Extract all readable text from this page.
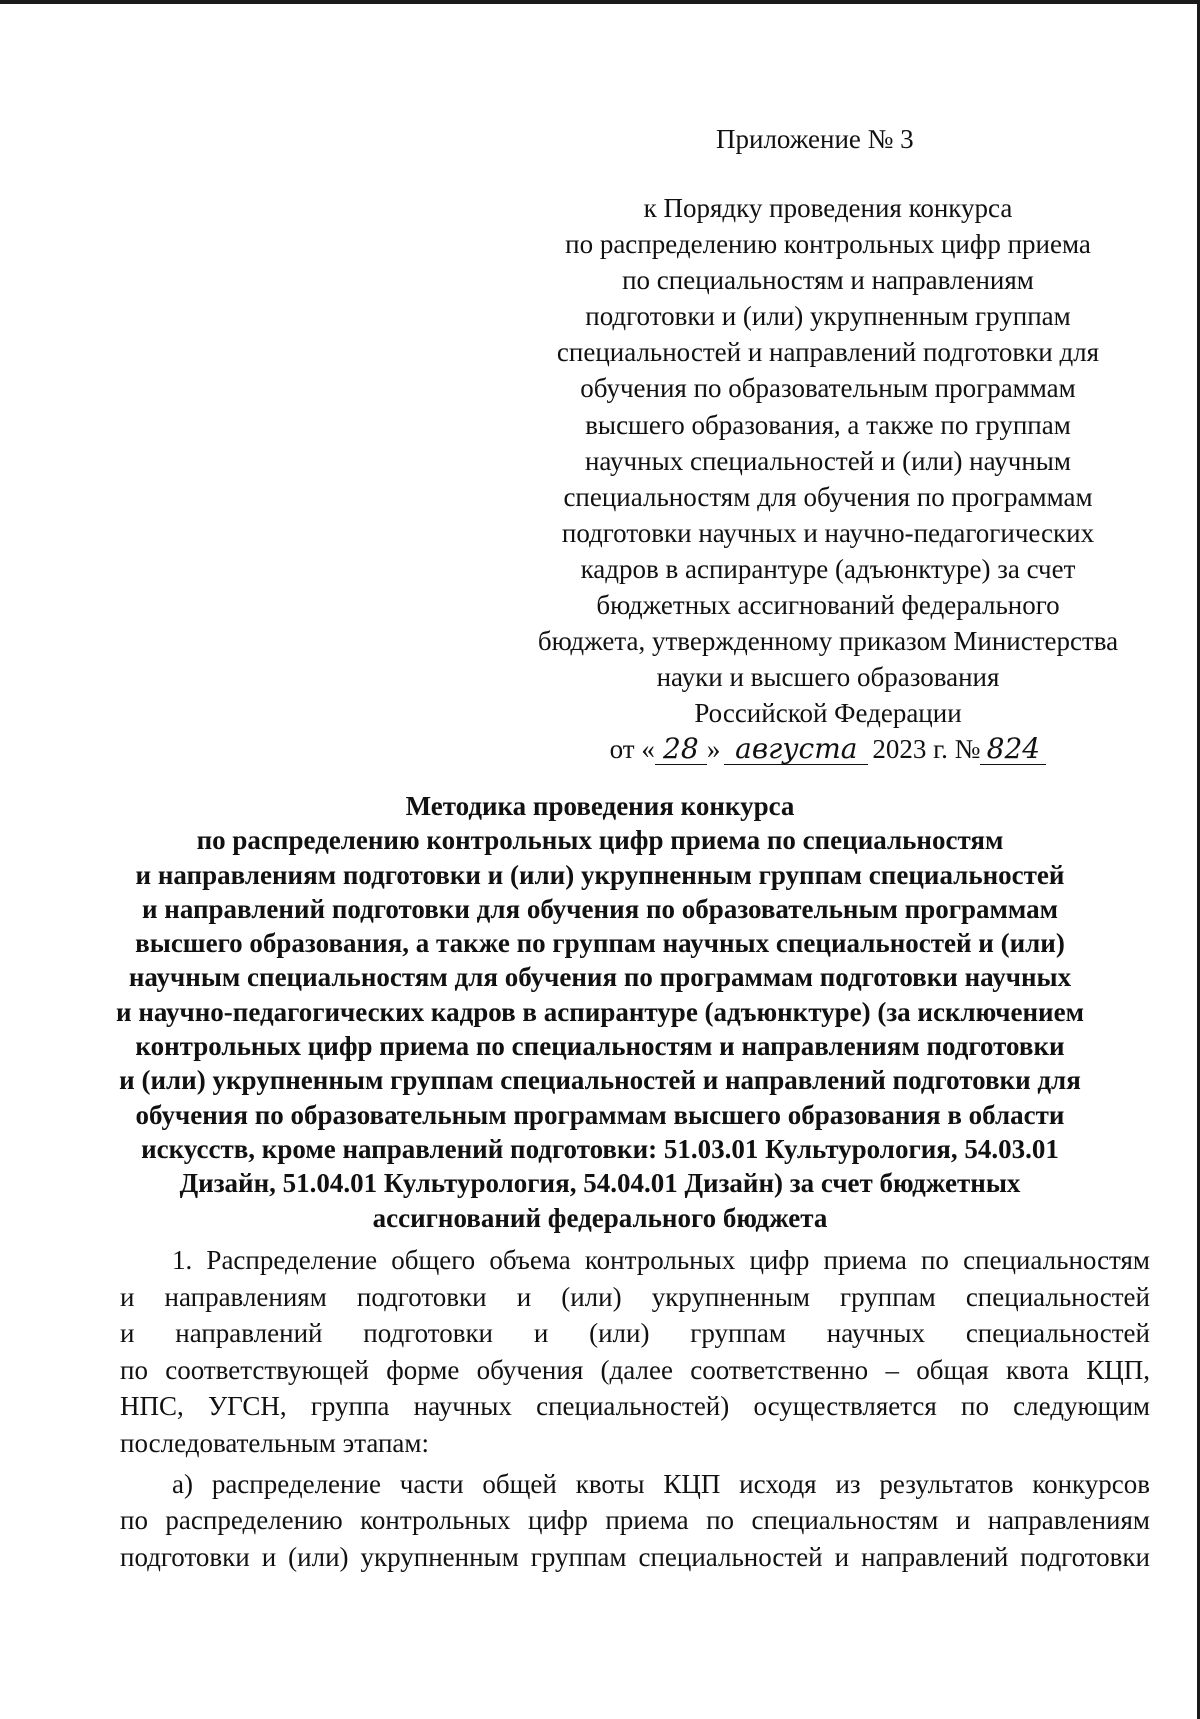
Приложение № 3
к Порядку проведения конкурса
по распределению контрольных цифр приема
по специальностям и направлениям
подготовки и (или) укрупненным группам
специальностей и направлений подготовки для
обучения по образовательным программам
высшего образования, а также по группам
научных специальностей и (или) научным
специальностям для обучения по программам
подготовки научных и научно-педагогических
кадров в аспирантуре (адъюнктуре) за счет
бюджетных ассигнований федерального
бюджета, утвержденному приказом Министерства
науки и высшего образования
Российской Федерации
от « 28 » августа 2023 г. № 824
Методика проведения конкурса
по распределению контрольных цифр приема по специальностям
и направлениям подготовки и (или) укрупненным группам специальностей
и направлений подготовки для обучения по образовательным программам
высшего образования, а также по группам научных специальностей и (или)
научным специальностям для обучения по программам подготовки научных
и научно-педагогических кадров в аспирантуре (адъюнктуре) (за исключением
контрольных цифр приема по специальностям и направлениям подготовки
и (или) укрупненным группам специальностей и направлений подготовки для
обучения по образовательным программам высшего образования в области
искусств, кроме направлений подготовки: 51.03.01 Культурология, 54.03.01
Дизайн, 51.04.01 Культурология, 54.04.01 Дизайн) за счет бюджетных
ассигнований федерального бюджета
1. Распределение общего объема контрольных цифр приема по специальностям
и направлениям подготовки и (или) укрупненным группам специальностей
и направлений подготовки и (или) группам научных специальностей
по соответствующей форме обучения (далее соответственно – общая квота КЦП,
НПС, УГСН, группа научных специальностей) осуществляется по следующим
последовательным этапам:
а) распределение части общей квоты КЦП исходя из результатов конкурсов
по распределению контрольных цифр приема по специальностям и направлениям
подготовки и (или) укрупненным группам специальностей и направлений подготовки
